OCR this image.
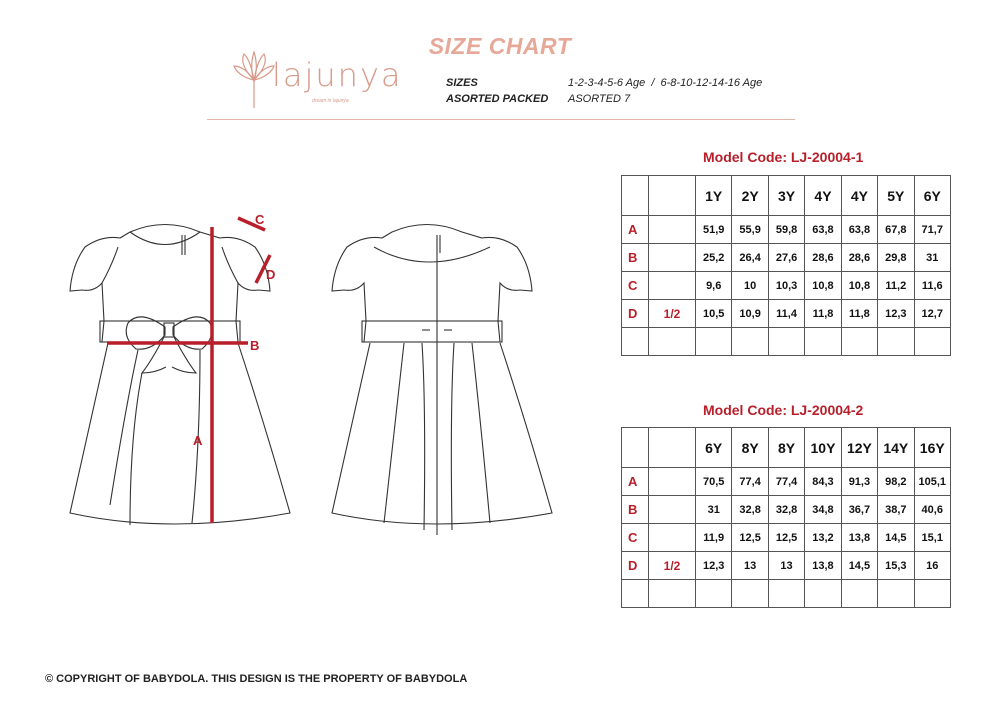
SIZE CHART
lajunya
dream in lajunya
SIZES	1-2-3-4-5-6 Age  /  6-8-10-12-14-16 Age
ASORTED PACKED ASORTED 7
A
B
C
D
Model Code: LJ-20004-1
		1Y	2Y	3Y	4Y	4Y	5Y	6Y
A		51,9	55,9	59,8	63,8	63,8	67,8	71,7
B		25,2	26,4	27,6	28,6	28,6	29,8	31
C		9,6	10	10,3	10,8	10,8	11,2	11,6
D	1/2	10,5	10,9	11,4	11,8	11,8	12,3	12,7

Model Code: LJ-20004-2
		6Y	8Y	8Y	10Y	12Y	14Y	16Y
A		70,5	77,4	77,4	84,3	91,3	98,2	105,1
B		31	32,8	32,8	34,8	36,7	38,7	40,6
C		11,9	12,5	12,5	13,2	13,8	14,5	15,1
D	1/2	12,3	13	13	13,8	14,5	15,3	16

© COPYRIGHT OF BABYDOLA. THIS DESIGN IS THE PROPERTY OF BABYDOLA
